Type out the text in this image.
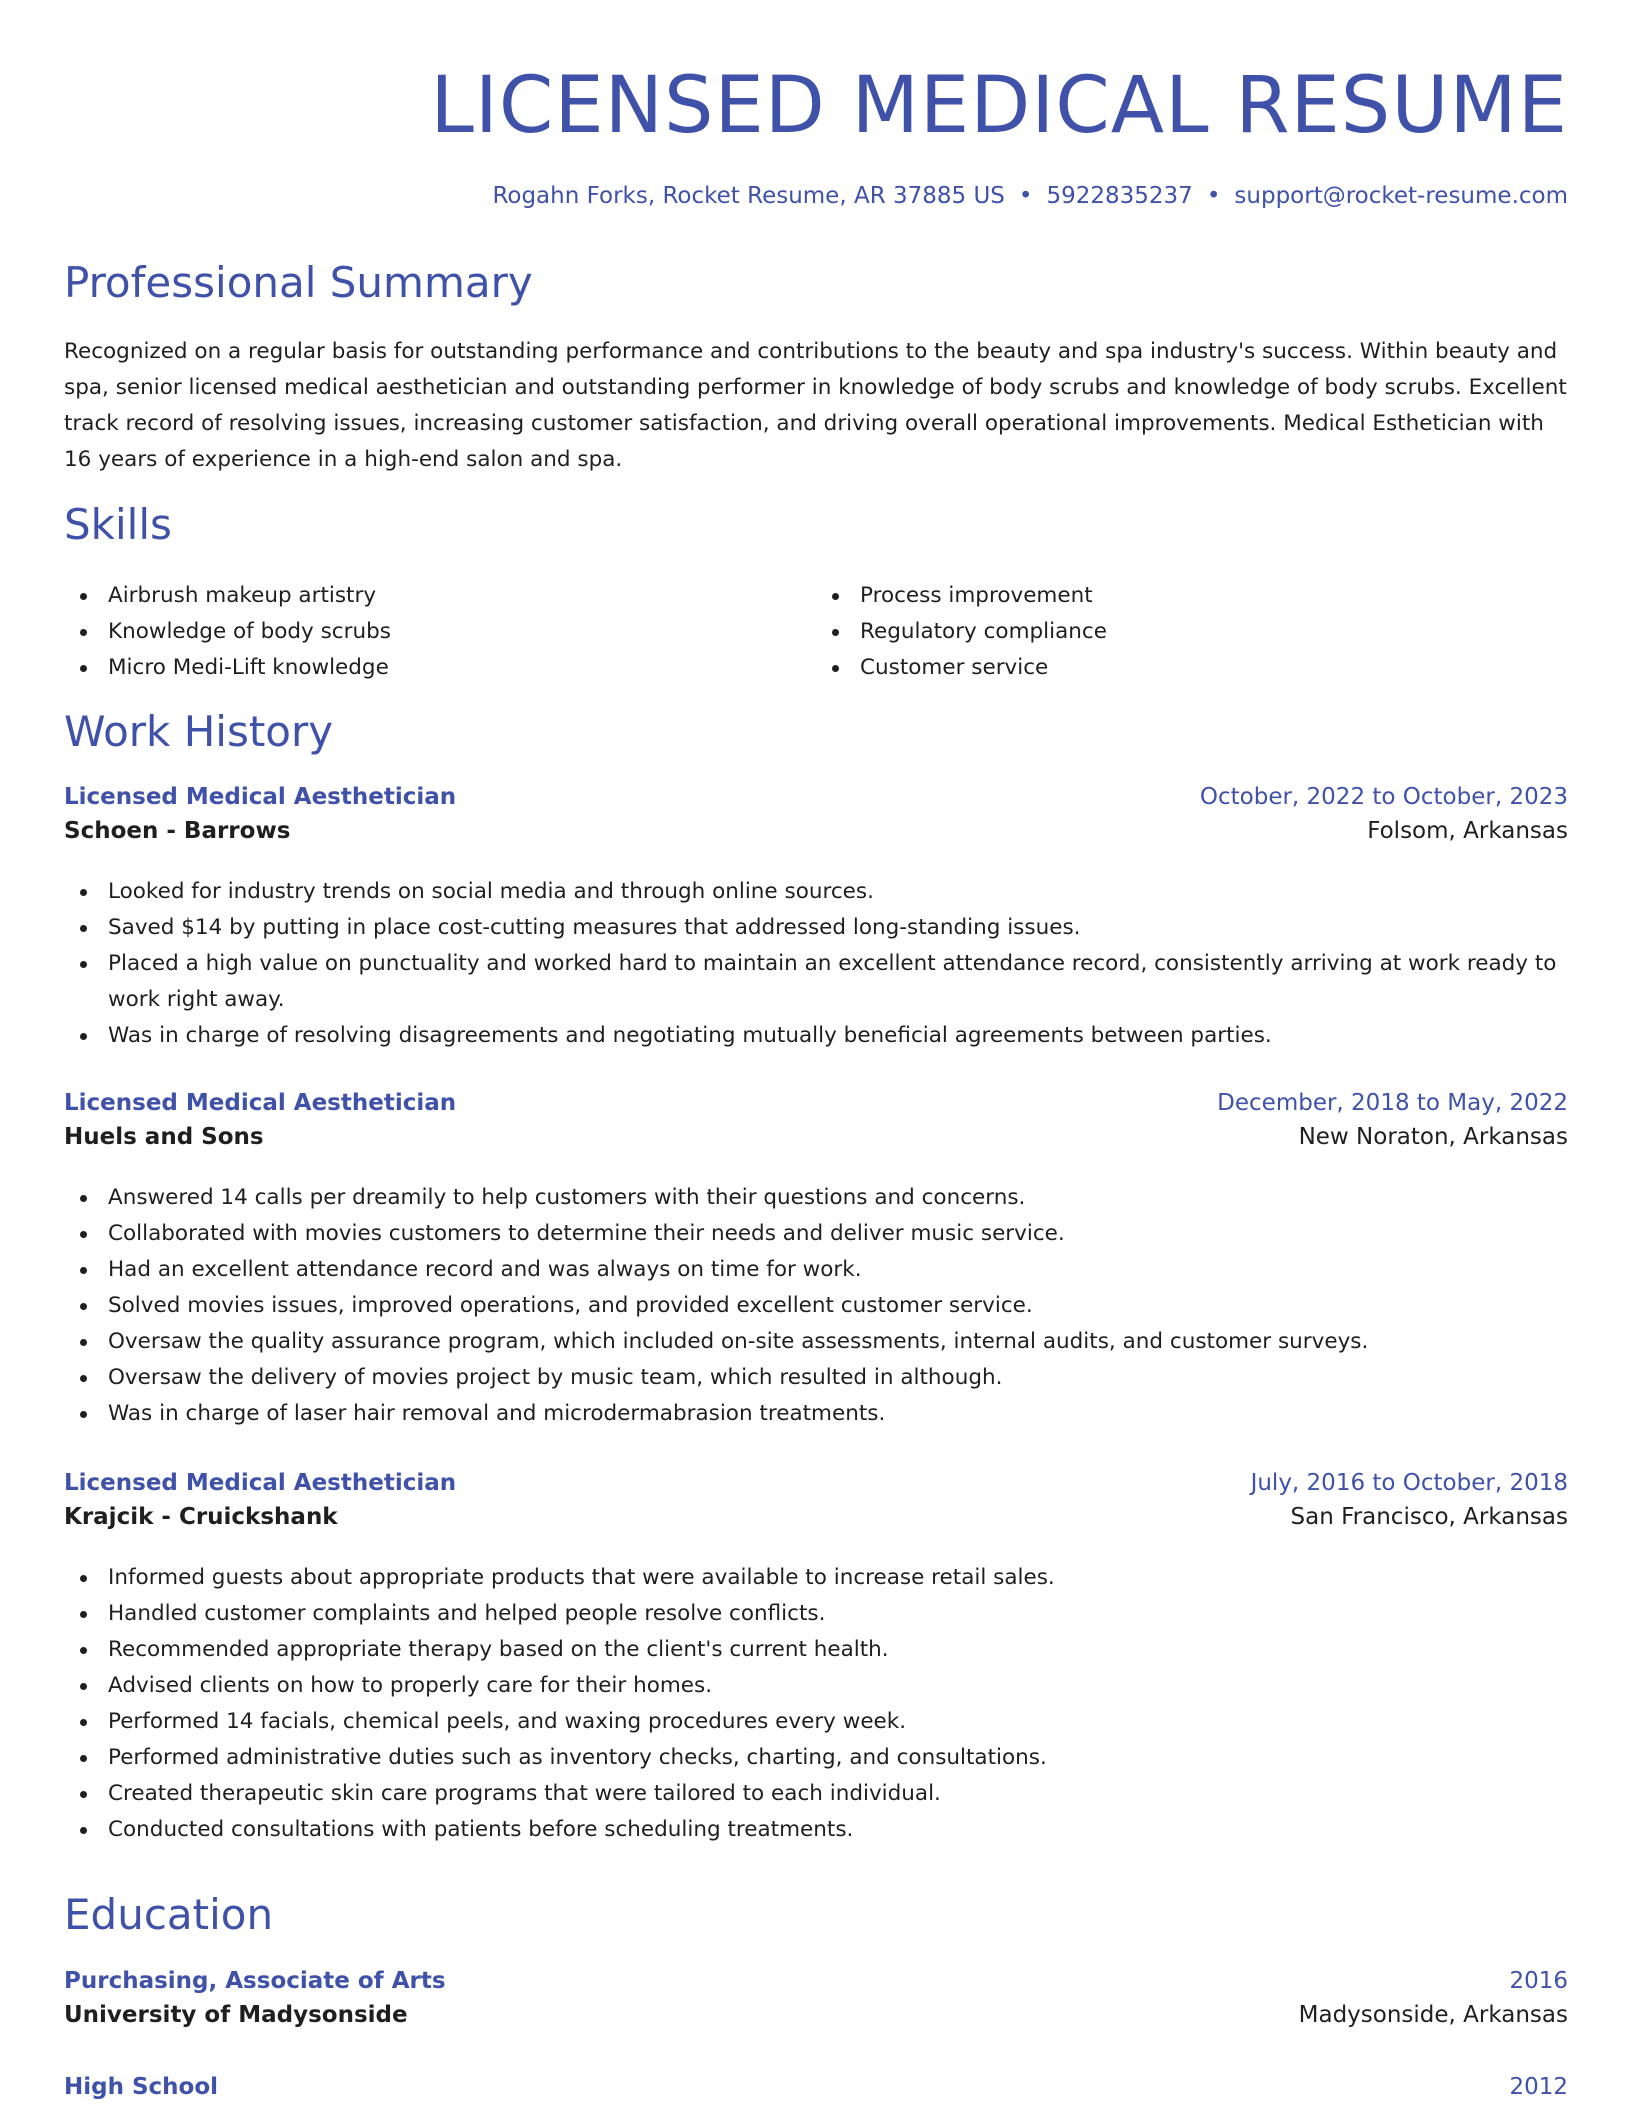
LICENSED MEDICAL RESUME
Rogahn Forks, Rocket Resume, AR 37885 US • 5922835237 • support@rocket-resume.com
Professional Summary

Recognized on a regular basis for outstanding performance and contributions to the beauty and spa industry's success. Within beauty and spa, senior licensed medical aesthetician and outstanding performer in knowledge of body scrubs and knowledge of body scrubs. Excellent track record of resolving issues, increasing customer satisfaction, and driving overall operational improvements. Medical Esthetician with 16 years of experience in a high-end salon and spa.

Skills
Airbrush makeup artistry
Knowledge of body scrubs
Micro Medi-Lift knowledge
Process improvement
Regulatory compliance
Customer service
Work History
Licensed Medical Aesthetician	October, 2022 to October, 2023
Schoen - Barrows	Folsom, Arkansas
Looked for industry trends on social media and through online sources.
Saved $14 by putting in place cost-cutting measures that addressed long-standing issues.
Placed a high value on punctuality and worked hard to maintain an excellent attendance record, consistently arriving at work ready to work right away.
Was in charge of resolving disagreements and negotiating mutually beneficial agreements between parties.
Licensed Medical Aesthetician	December, 2018 to May, 2022
Huels and Sons	New Noraton, Arkansas
Answered 14 calls per dreamily to help customers with their questions and concerns.
Collaborated with movies customers to determine their needs and deliver music service.
Had an excellent attendance record and was always on time for work.
Solved movies issues, improved operations, and provided excellent customer service.
Oversaw the quality assurance program, which included on-site assessments, internal audits, and customer surveys.
Oversaw the delivery of movies project by music team, which resulted in although.
Was in charge of laser hair removal and microdermabrasion treatments.
Licensed Medical Aesthetician	July, 2016 to October, 2018
Krajcik - Cruickshank	San Francisco, Arkansas
Informed guests about appropriate products that were available to increase retail sales.
Handled customer complaints and helped people resolve conflicts.
Recommended appropriate therapy based on the client's current health.
Advised clients on how to properly care for their homes.
Performed 14 facials, chemical peels, and waxing procedures every week.
Performed administrative duties such as inventory checks, charting, and consultations.
Created therapeutic skin care programs that were tailored to each individual.
Conducted consultations with patients before scheduling treatments.
Education
Purchasing, Associate of Arts	2016
University of Madysonside	Madysonside, Arkansas
High School	2012
